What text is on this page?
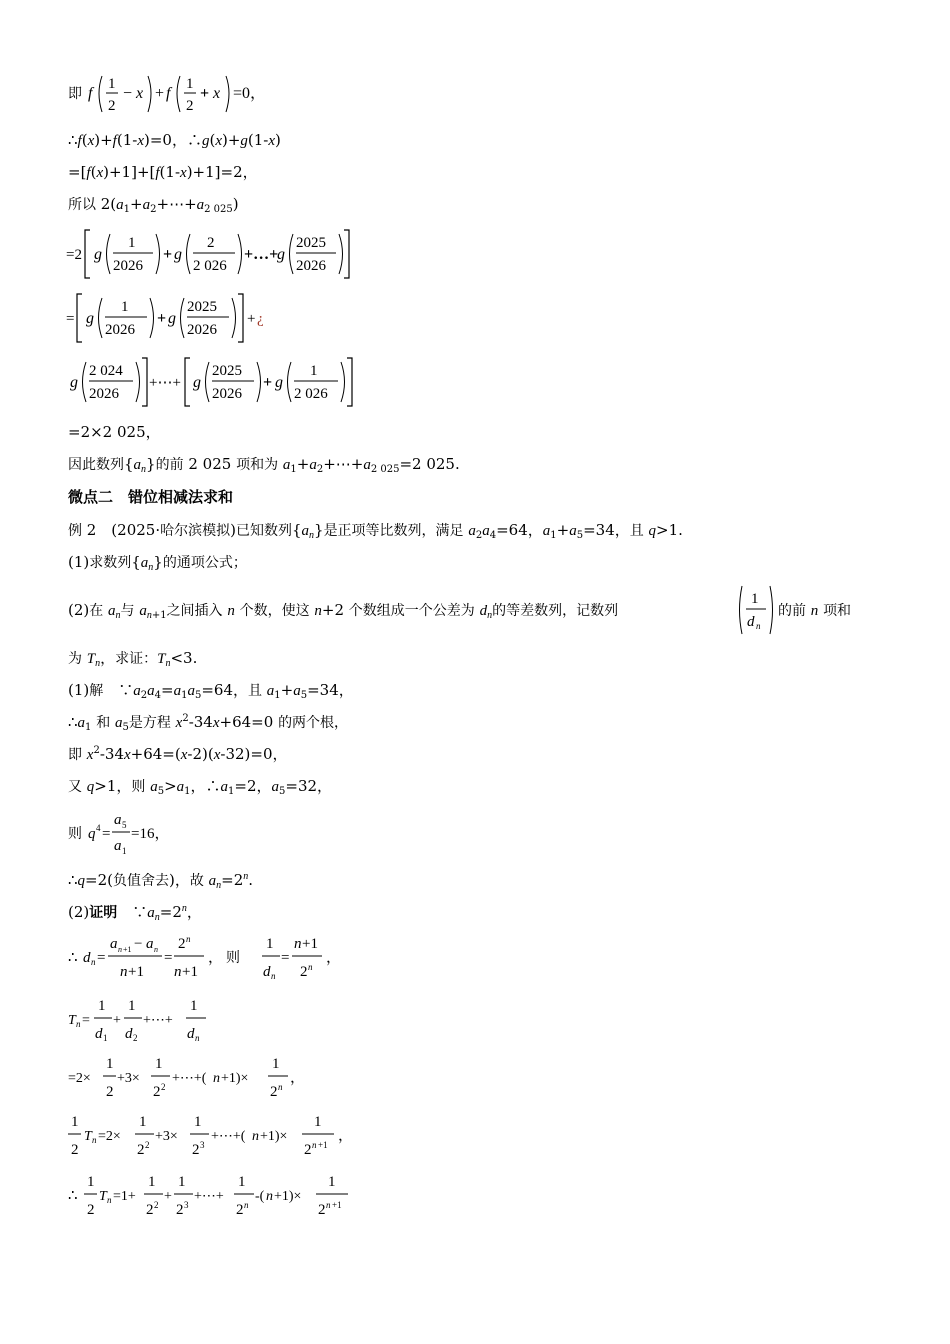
即 f
1
2
− x + f
1
2
+ x =0，
∴f(x)+f(1-x)=0，∴g(x)+g(1-x)
=[f(x)+1]+[f(1-x)+1]=2，
所以 $2(a_1+a_2+\cdots+a_{2 025})$
=2 g
1
2026
+ g
2
2 026
+…+
g
2025
2026
= g
1
2026
+ g
2025
2026
+ ¿
g
2 024
2026
+⋯+ g
2025
2026
+ g
1
2 026
=2×2 025，
因此数列$\{a_n\}$的前 2 025 项和为 $a_1+a_2+\cdots+a_{2 025}=2$ 025.
微点二　错位相减法求和
例 2　(2025·哈尔滨模拟)已知数列$\{a_n\}$是正项等比数列，满足 $a_2a_4=64$，$a_1+a_5=34$，且 q>1.
(1)求数列$\{a_n\}$的通项公式；
(2)在 $a_n$与 $a_{n+1}$之间插入 n 个数，使这 n+2 个数组成一个公差为 $d_n$的等差数列，记数列
1
d n
的前 n 项和
为 $T_n$，求证：$T_n<3$.
(1)解　$\because a_2a_4=a_1a_5=64$，且 $a_1+a_5=34$，
$\therefore a_1$ 和 $a_5$是方程 $x^2-34x+64=0$ 的两个根，
即 $x^2-34x+64=(x-2)(x-32)=0$，
又 q>1，则 $a_5>a_1$，$\therefore a_1=2$，$a_5=32$，
则 q 4 =
a 5
a 1
=16，
∴q=2(负值舍去)，故 $a_n=2^n$.
(2)证明　$\because a_n=2^n$，
∴ d n =
a n +1 − a n
n +1
=
2 n
n +1
， 则
1
d n
=
n +1
2 n
，
T n =
1
d 1
+
1
d 2
+⋯+
1
d n
=2×
1
2
+3×
1
2 2
+⋯+( n +1)×
1
2 n
，
1
2
T n =2×
1
2 2
+3×
1
2 3
+⋯+( n +1)×
1
2 n +1
，
∴
1
2
T n =1+
1
2 2
+
1
2 3
+⋯+
1
2 n
-( n +1)×
1
2 n +1
